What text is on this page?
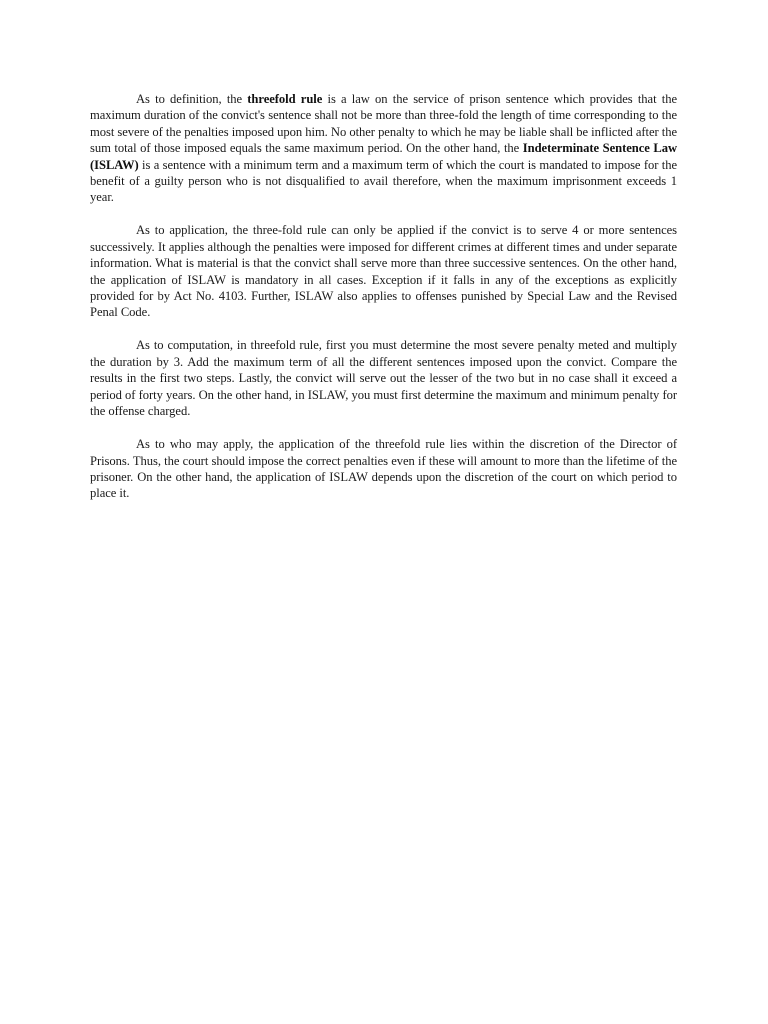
As to definition, the threefold rule is a law on the service of prison sentence which provides that the maximum duration of the convict's sentence shall not be more than three-fold the length of time corresponding to the most severe of the penalties imposed upon him. No other penalty to which he may be liable shall be inflicted after the sum total of those imposed equals the same maximum period. On the other hand, the Indeterminate Sentence Law (ISLAW) is a sentence with a minimum term and a maximum term of which the court is mandated to impose for the benefit of a guilty person who is not disqualified to avail therefore, when the maximum imprisonment exceeds 1 year.

As to application, the three-fold rule can only be applied if the convict is to serve 4 or more sentences successively. It applies although the penalties were imposed for different crimes at different times and under separate information. What is material is that the convict shall serve more than three successive sentences. On the other hand, the application of ISLAW is mandatory in all cases. Exception if it falls in any of the exceptions as explicitly provided for by Act No. 4103. Further, ISLAW also applies to offenses punished by Special Law and the Revised Penal Code.

As to computation, in threefold rule, first you must determine the most severe penalty meted and multiply the duration by 3. Add the maximum term of all the different sentences imposed upon the convict. Compare the results in the first two steps. Lastly, the convict will serve out the lesser of the two but in no case shall it exceed a period of forty years. On the other hand, in ISLAW, you must first determine the maximum and minimum penalty for the offense charged.

As to who may apply, the application of the threefold rule lies within the discretion of the Director of Prisons. Thus, the court should impose the correct penalties even if these will amount to more than the lifetime of the prisoner. On the other hand, the application of ISLAW depends upon the discretion of the court on which period to place it.
